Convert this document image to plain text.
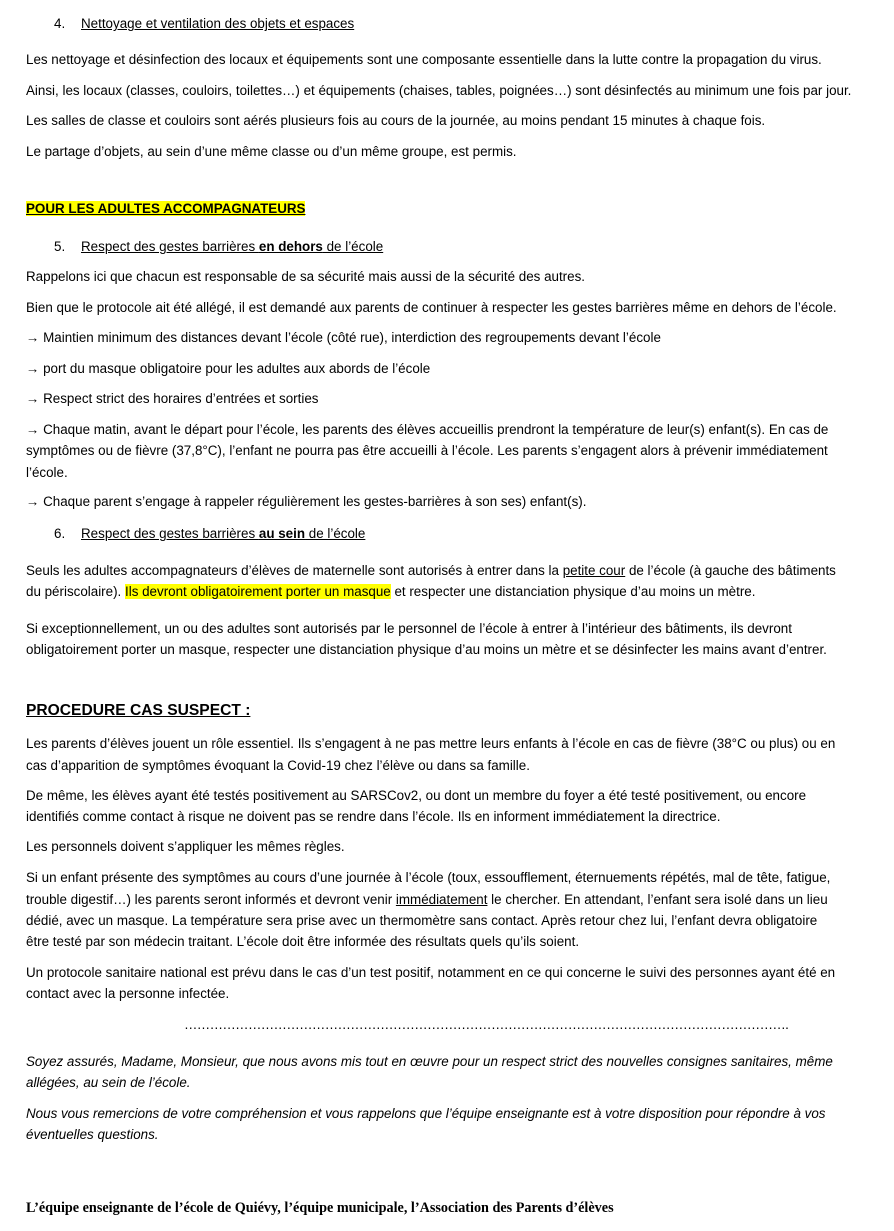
4. Nettoyage et ventilation des objets et espaces
Les nettoyage et désinfection des locaux et équipements sont une composante essentielle dans la lutte contre la propagation du virus.
Ainsi, les locaux (classes, couloirs, toilettes…) et équipements (chaises, tables, poignées…) sont désinfectés au minimum une fois par jour.
Les salles de classe et couloirs sont aérés plusieurs fois au cours de la journée, au moins pendant 15 minutes à chaque fois.
Le partage d’objets, au sein d’une même classe ou d’un même groupe, est permis.
POUR LES ADULTES ACCOMPAGNATEURS
5. Respect des gestes barrières en dehors de l’école
Rappelons ici que chacun est responsable de sa sécurité mais aussi de la sécurité des autres.
Bien que le protocole ait été allégé, il est demandé aux parents de continuer à respecter les gestes barrières même en dehors de l’école.
→ Maintien minimum des distances devant l’école (côté rue), interdiction des regroupements devant l’école
→ port du masque obligatoire pour les adultes aux abords de l’école
→ Respect strict des horaires d’entrées et sorties
→ Chaque matin, avant le départ pour l’école, les parents des élèves accueillis prendront la température de leur(s) enfant(s). En cas de
symptômes ou de fièvre (37,8°C), l’enfant ne pourra pas être accueilli à l’école. Les parents s’engagent alors à prévenir immédiatement
l’école.
→ Chaque parent s’engage à rappeler régulièrement les gestes-barrières à son ses) enfant(s).
6. Respect des gestes barrières au sein de l’école
Seuls les adultes accompagnateurs d’élèves de maternelle sont autorisés à entrer dans la petite cour de l’école (à gauche des bâtiments
du périscolaire). Ils devront obligatoirement porter un masque et respecter une distanciation physique d’au moins un mètre.
Si exceptionnellement, un ou des adultes sont autorisés par le personnel de l’école à entrer à l’intérieur des bâtiments, ils devront
obligatoirement porter un masque, respecter une distanciation physique d’au moins un mètre et se désinfecter les mains avant d’entrer.
PROCEDURE CAS SUSPECT :
Les parents d’élèves jouent un rôle essentiel. Ils s’engagent à ne pas mettre leurs enfants à l’école en cas de fièvre (38°C ou plus) ou en
cas d’apparition de symptômes évoquant la Covid-19 chez l’élève ou dans sa famille.
De même, les élèves ayant été testés positivement au SARSCov2, ou dont un membre du foyer a été testé positivement, ou encore
identifiés comme contact à risque ne doivent pas se rendre dans l’école. Ils en informent immédiatement la directrice.
Les personnels doivent s’appliquer les mêmes règles.
Si un enfant présente des symptômes au cours d’une journée à l’école (toux, essoufflement, éternuements répétés, mal de tête, fatigue,
trouble digestif…) les parents seront informés et devront venir immédiatement le chercher. En attendant, l’enfant sera isolé dans un lieu
dédié, avec un masque. La température sera prise avec un thermomètre sans contact. Après retour chez lui, l’enfant devra obligatoire
être testé par son médecin traitant. L’école doit être informée des résultats quels qu’ils soient.
Un protocole sanitaire national est prévu dans le cas d’un test positif, notamment en ce qui concerne le suivi des personnes ayant été en
contact avec la personne infectée.
…………………………………………………………………………………………………………………………….
Soyez assurés, Madame, Monsieur, que nous avons mis tout en œuvre pour un respect strict des nouvelles consignes sanitaires, même
allégées, au sein de l’école.
Nous vous remercions de votre compréhension et vous rappelons que l’équipe enseignante est à votre disposition pour répondre à vos
éventuelles questions.
L’équipe enseignante de l’école de Quiévy, l’équipe municipale, l’Association des Parents d’élèves
